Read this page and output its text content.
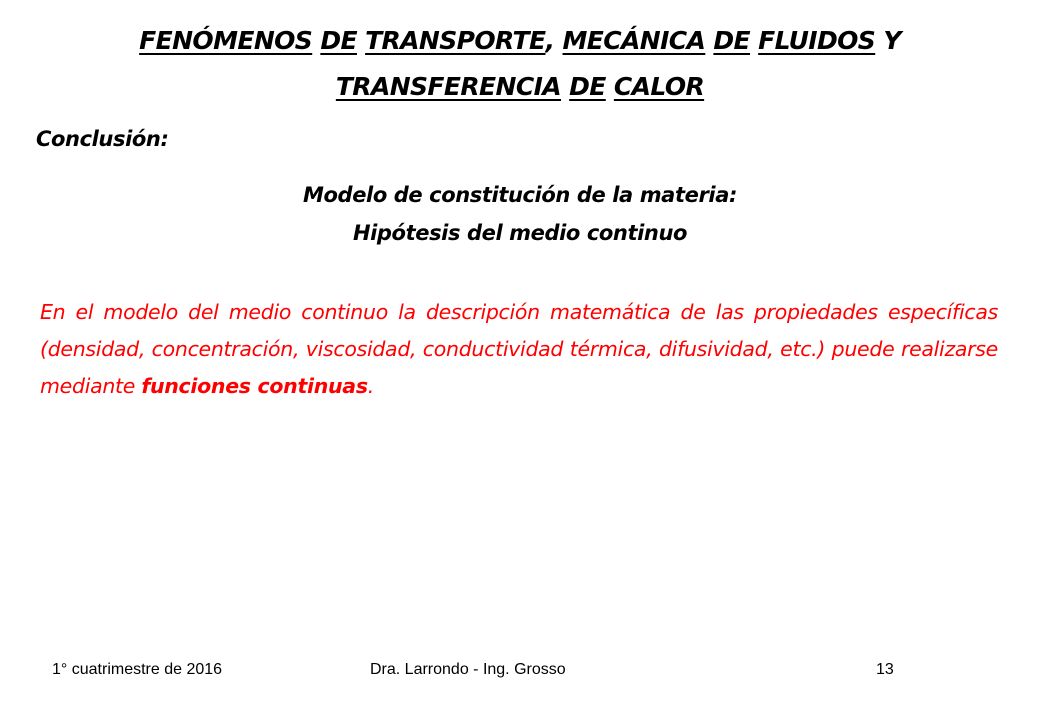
FENÓMENOS DE TRANSPORTE, MECÁNICA DE FLUIDOS Y
TRANSFERENCIA DE CALOR
Conclusión:
Modelo de constitución de la materia:
Hipótesis del medio continuo
En el modelo del medio continuo la descripción matemática de las propiedades específicas (densidad, concentración, viscosidad, conductividad térmica, difusividad, etc.) puede realizarse mediante funciones continuas.
1° cuatrimestre de 2016	Dra. Larrondo - Ing. Grosso	13
